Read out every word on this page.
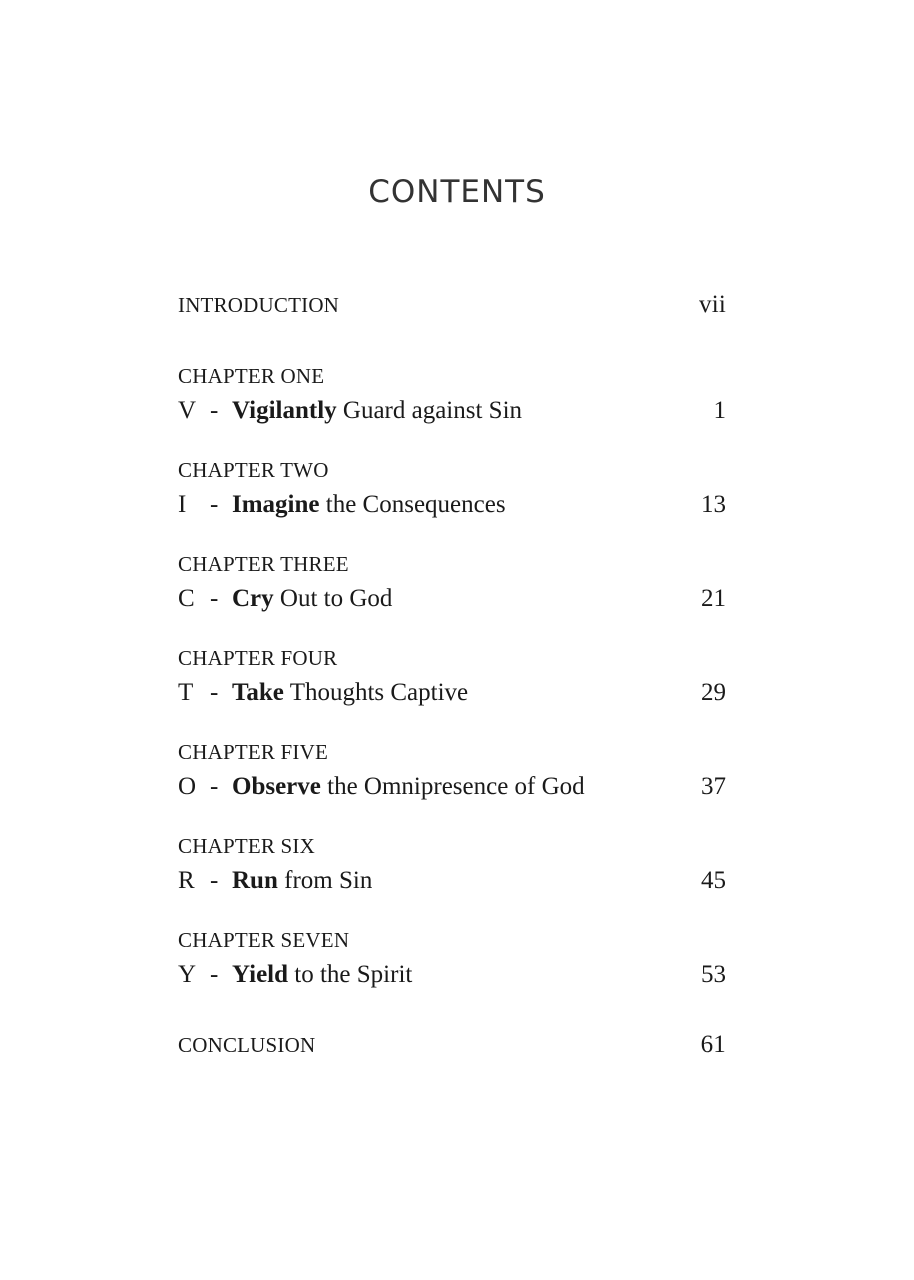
CONTENTS
INTRODUCTION	vii
CHAPTER ONE
V - Vigilantly Guard against Sin	1
CHAPTER TWO
I - Imagine the Consequences	13
CHAPTER THREE
C - Cry Out to God	21
CHAPTER FOUR
T - Take Thoughts Captive	29
CHAPTER FIVE
O - Observe the Omnipresence of God	37
CHAPTER SIX
R - Run from Sin	45
CHAPTER SEVEN
Y - Yield to the Spirit	53
CONCLUSION	61
